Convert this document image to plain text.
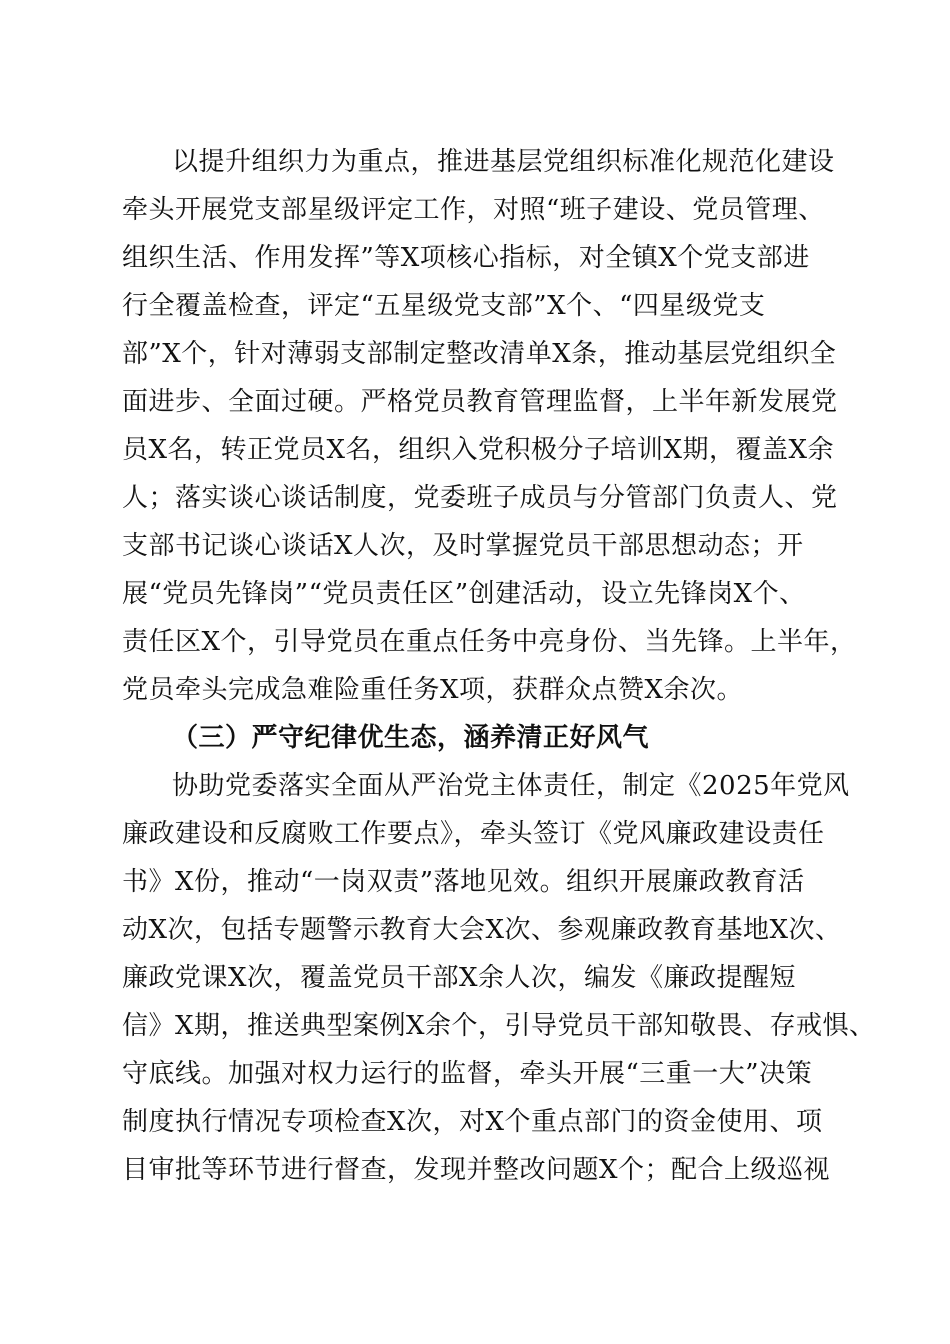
以提升组织力为重点，推进基层党组织标准化规范化建设
牵头开展党支部星级评定工作，对照“班子建设、党员管理、
组织生活、作用发挥”等X项核心指标，对全镇X个党支部进
行全覆盖检查，评定“五星级党支部”X个、“四星级党支
部”X个，针对薄弱支部制定整改清单X条，推动基层党组织全
面进步、全面过硬。严格党员教育管理监督，上半年新发展党
员X名，转正党员X名，组织入党积极分子培训X期，覆盖X余
人；落实谈心谈话制度，党委班子成员与分管部门负责人、党
支部书记谈心谈话X人次，及时掌握党员干部思想动态；开
展“党员先锋岗”“党员责任区”创建活动，设立先锋岗X个、
责任区X个，引导党员在重点任务中亮身份、当先锋。上半年，
党员牵头完成急难险重任务X项，获群众点赞X余次。
（三）严守纪律优生态，涵养清正好风气
协助党委落实全面从严治党主体责任，制定《2025年党风
廉政建设和反腐败工作要点》，牵头签订《党风廉政建设责任
书》X份，推动“一岗双责”落地见效。组织开展廉政教育活
动X次，包括专题警示教育大会X次、参观廉政教育基地X次、
廉政党课X次，覆盖党员干部X余人次，编发《廉政提醒短
信》X期，推送典型案例X余个，引导党员干部知敬畏、存戒惧、
守底线。加强对权力运行的监督，牵头开展“三重一大”决策
制度执行情况专项检查X次，对X个重点部门的资金使用、项
目审批等环节进行督查，发现并整改问题X个；配合上级巡视
